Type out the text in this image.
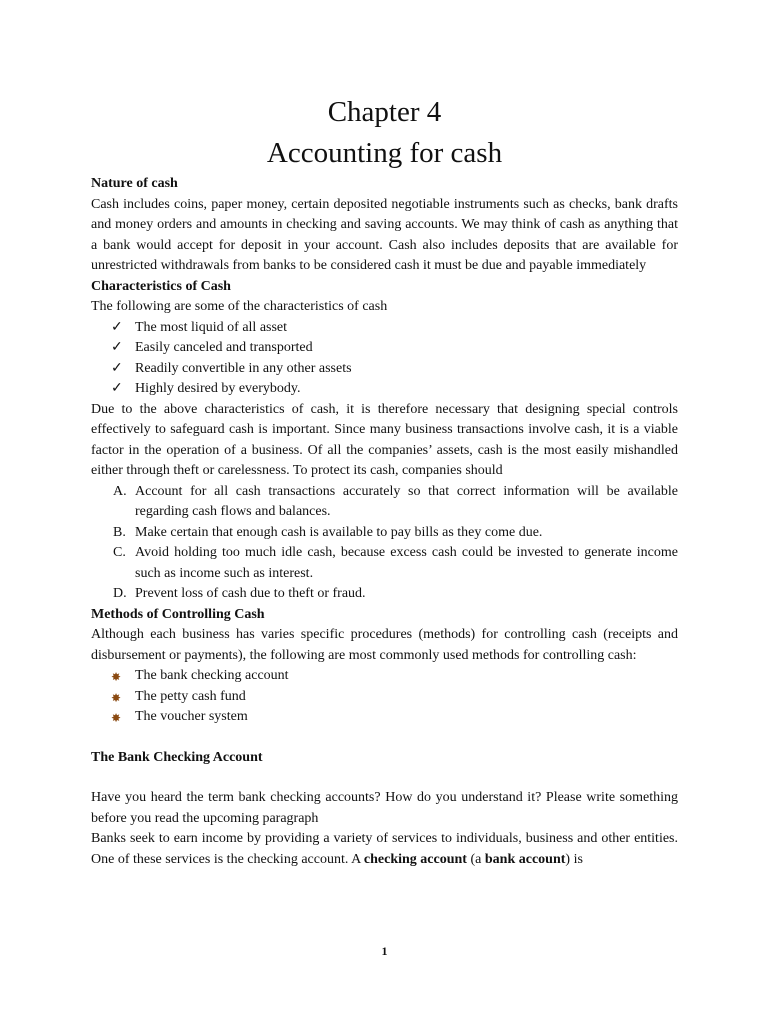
Chapter 4
Accounting for cash
Nature of cash

Cash includes coins, paper money, certain deposited negotiable instruments such as checks, bank drafts and money orders and amounts in checking and saving accounts. We may think of cash as anything that a bank would accept for deposit in your account. Cash also includes deposits that are available for unrestricted withdrawals from banks to be considered cash it must be due and payable immediately

Characteristics of Cash

The following are some of the characteristics of cash

✓ The most liquid of all asset
✓ Easily canceled and transported
✓ Readily convertible in any other assets
✓ Highly desired by everybody.

Due to the above characteristics of cash, it is therefore necessary that designing special controls effectively to safeguard cash is important. Since many business transactions involve cash, it is a viable factor in the operation of a business. Of all the companies’ assets, cash is the most easily mishandled either through theft or carelessness. To protect its cash, companies should

A. Account for all cash transactions accurately so that correct information will be available regarding cash flows and balances.
B. Make certain that enough cash is available to pay bills as they come due.
C. Avoid holding too much idle cash, because excess cash could be invested to generate income such as income such as interest.
D. Prevent loss of cash due to theft or fraud.
Methods of Controlling Cash

Although each business has varies specific procedures (methods) for controlling cash (receipts and disbursement or payments), the following are most commonly used methods for controlling cash:

✸ The bank checking account
✸ The petty cash fund
✸ The voucher system
The Bank Checking Account

Have you heard the term bank checking accounts? How do you understand it? Please write something before you read the upcoming paragraph

Banks seek to earn income by providing a variety of services to individuals, business and other entities. One of these services is the checking account. A checking account (a bank account) is

1
